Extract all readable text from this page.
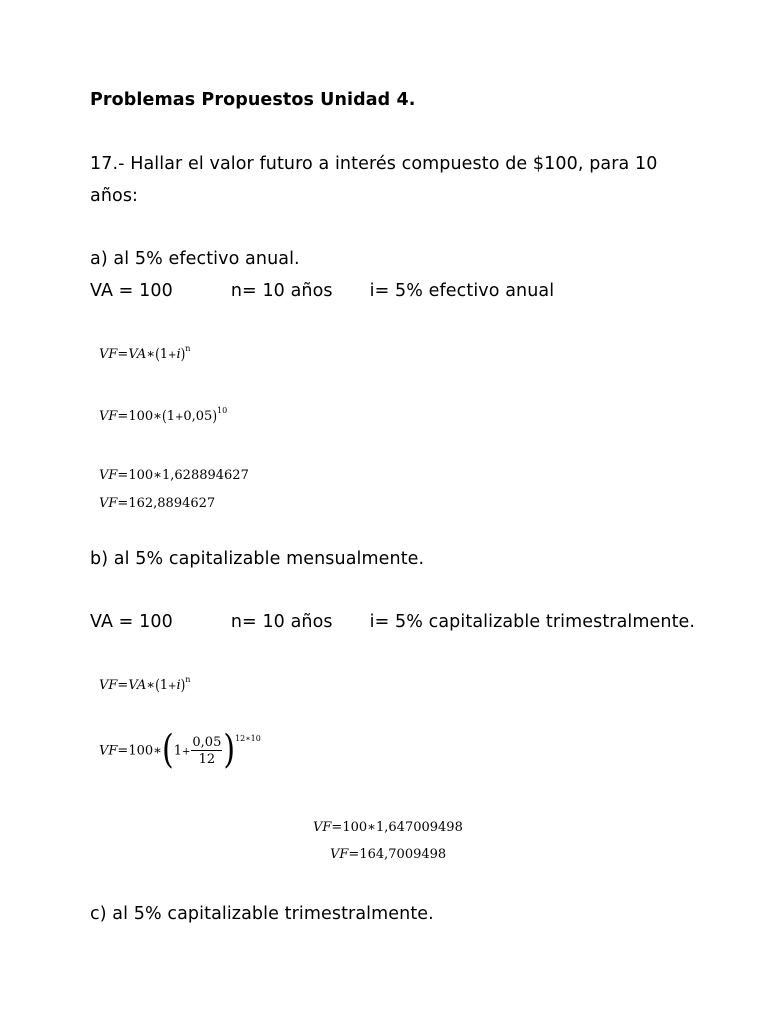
Problemas Propuestos Unidad 4.
17.- Hallar el valor futuro a interés compuesto de $100, para 10
años:
a) al 5% efectivo anual.
VA = 100	n= 10 años i= 5% efectivo anual
$VF=VA∗(1+i)^n$
$VF=100∗(1+0,05)^{10}$
VF=100∗1,628894627
VF=162,8894627
b) al 5% capitalizable mensualmente.
VA = 100	n= 10 años i= 5% capitalizable trimestralmente.
$VF=VA∗(1+i)^n$
VF=100∗(1+ $\frac{0,05}{12} )^{12∗10}$
VF=100∗1,647009498
VF=164,7009498
c) al 5% capitalizable trimestralmente.
